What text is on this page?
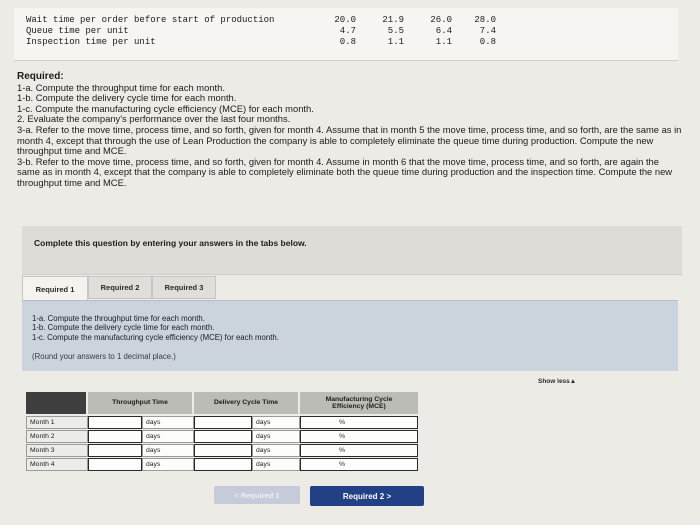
Wait time per order before start of production	20.0	21.9	26.0	28.0
Queue time per unit	4.7	5.5	6.4	7.4
Inspection time per unit	0.8	1.1	1.1	0.8

Required:

1-a. Compute the throughput time for each month.

1-b. Compute the delivery cycle time for each month.

1-c. Compute the manufacturing cycle efficiency (MCE) for each month.

2. Evaluate the company's performance over the last four months.

3-a. Refer to the move time, process time, and so forth, given for month 4. Assume that in month 5 the move time, process time, and so forth, are the same as in month 4, except that through the use of Lean Production the company is able to completely eliminate the queue time during production. Compute the new throughput time and MCE.

3-b. Refer to the move time, process time, and so forth, given for month 4. Assume in month 6 that the move time, process time, and so forth, are again the same as in month 4, except that the company is able to completely eliminate both the queue time during production and the inspection time. Compute the new throughput time and MCE.

Complete this question by entering your answers in the tabs below.
Required 1	Required 2	Required 3

1-a. Compute the throughput time for each month.

1-b. Compute the delivery cycle time for each month.

1-c. Compute the manufacturing cycle efficiency (MCE) for each month.

(Round your answers to 1 decimal place.)

Show less▲
Throughput Time	Delivery Cycle Time
Manufacturing Cycle Efficiency (MCE)
Month 1	days	days	%
Month 2	days	days	%
Month 3	days	days	%
Month 4	days	days	%
< Required 1	Required 2 >
